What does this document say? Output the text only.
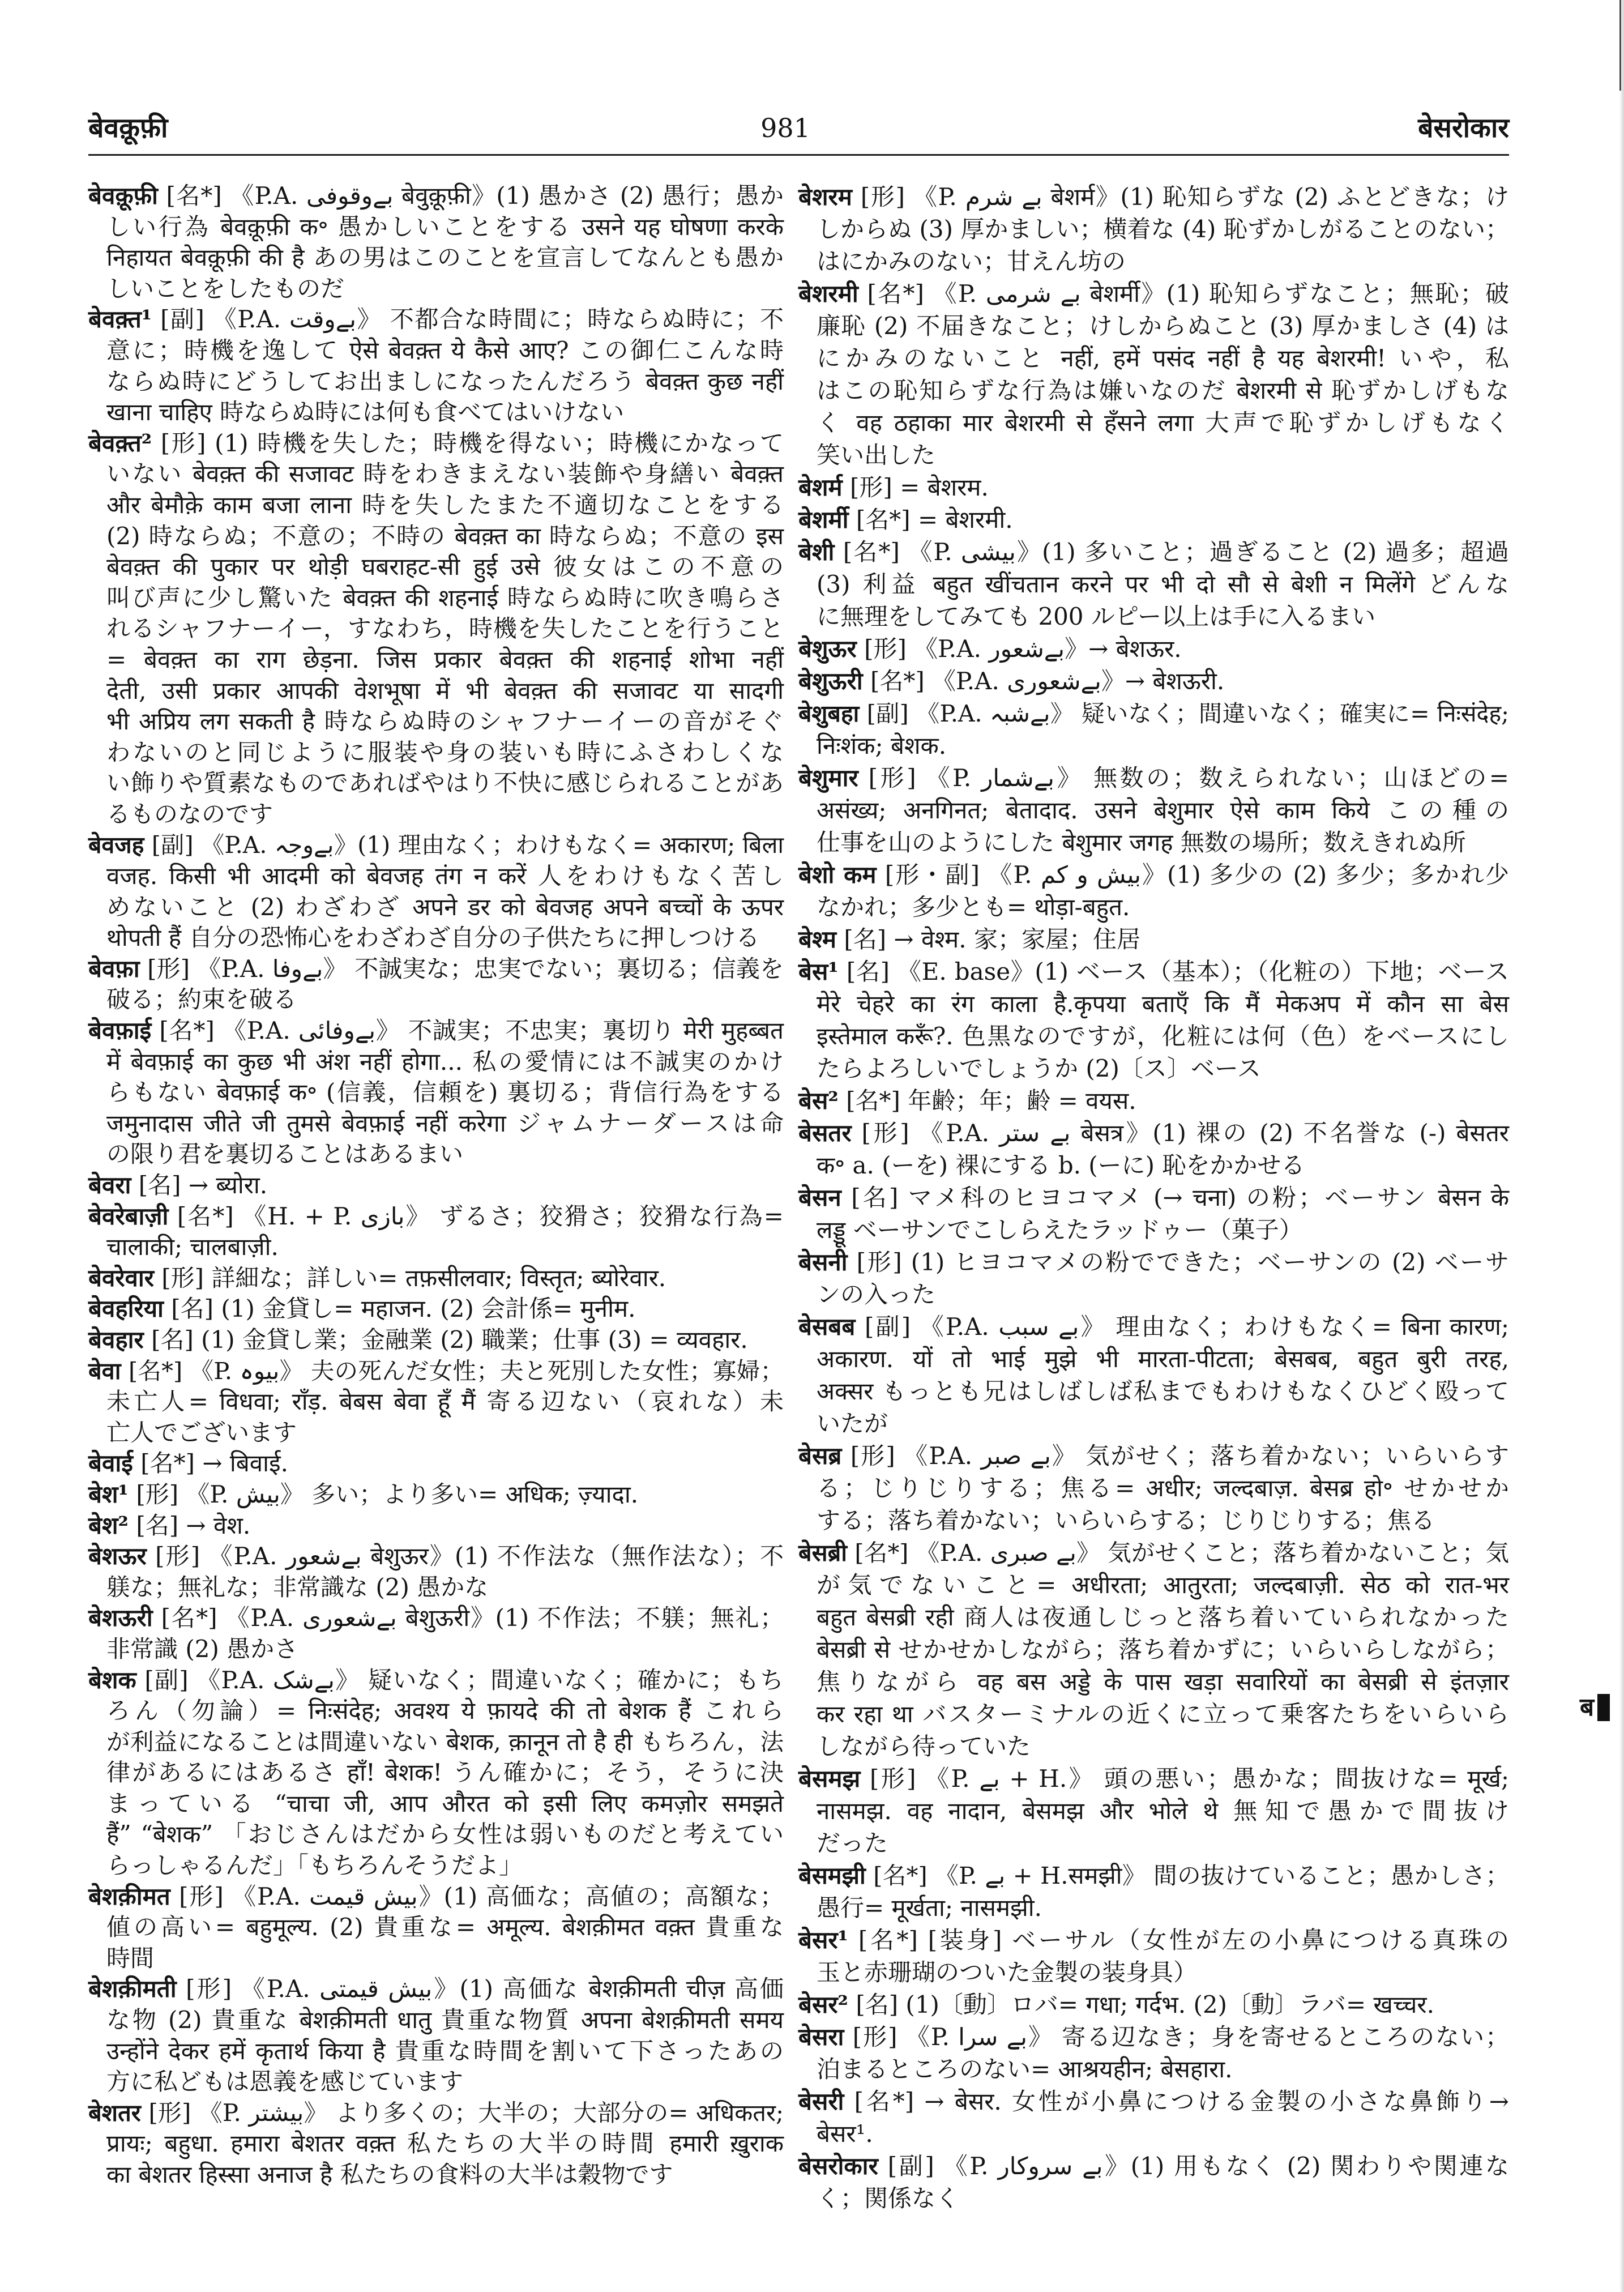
बेवक़ूफ़ी	981	बेसरोकार
बेवक़ूफ़ी [名*] 《P.A. بےوقوفی बेवुक़ूफ़ी》(1) 愚かさ (2) 愚行；愚か
しい行為 बेवक़ूफ़ी क॰ 愚かしいことをする उसने यह घोषणा करके
निहायत बेवक़ूफ़ी की है あの男はこのことを宣言してなんとも愚か
しいことをしたものだ
बेवक़्त¹ [副] 《P.A. بےوقت》 不都合な時間に；時ならぬ時に；不
意に；時機を逸して ऐसे बेवक़्त ये कैसे आए? この御仁こんな時
ならぬ時にどうしてお出ましになったんだろう बेवक़्त कुछ नहीं
खाना चाहिए 時ならぬ時には何も食べてはいけない
बेवक़्त² [形] (1) 時機を失した；時機を得ない；時機にかなって
いない बेवक़्त की सजावट 時をわきまえない装飾や身繕い बेवक़्त
और बेमौक़े काम बजा लाना 時を失したまた不適切なことをする
(2) 時ならぬ；不意の；不時の बेवक़्त का 時ならぬ；不意の इस
बेवक़्त की पुकार पर थोड़ी घबराहट-सी हुई उसे 彼女はこの不意の
叫び声に少し驚いた बेवक़्त की शहनाई 時ならぬ時に吹き鳴らさ
れるシャフナーイー，すなわち，時機を失したことを行うこと
= बेवक़्त का राग छेड़ना. जिस प्रकार बेवक़्त की शहनाई शोभा नहीं
देती, उसी प्रकार आपकी वेशभूषा में भी बेवक़्त की सजावट या सादगी
भी अप्रिय लग सकती है 時ならぬ時のシャフナーイーの音がそぐ
わないのと同じように服装や身の装いも時にふさわしくな
い飾りや質素なものであればやはり不快に感じられることがあ
るものなのです
बेवजह [副] 《P.A. بےوجہ》(1) 理由なく；わけもなく= अकारण; बिला
वजह. किसी भी आदमी को बेवजह तंग न करें 人をわけもなく苦し
めないこと (2) わざわざ अपने डर को बेवजह अपने बच्चों के ऊपर
थोपती हैं 自分の恐怖心をわざわざ自分の子供たちに押しつける
बेवफ़ा [形] 《P.A. بےوفا》 不誠実な；忠実でない；裏切る；信義を
破る；約束を破る
बेवफ़ाई [名*] 《P.A. بےوفائی》 不誠実；不忠実；裏切り मेरी मुहब्बत
में बेवफ़ाई का कुछ भी अंश नहीं होगा... 私の愛情には不誠実のかけ
らもない बेवफ़ाई क॰ (信義，信頼を) 裏切る；背信行為をする
जमुनादास जीते जी तुमसे बेवफ़ाई नहीं करेगा ジャムナーダースは命
の限り君を裏切ることはあるまい
बेवरा [名] → ब्योरा.
बेवरेबाज़ी [名*] 《H. + P. بازی》 ずるさ；狡猾さ；狡猾な行為=
चालाकी; चालबाज़ी.
बेवरेवार [形] 詳細な；詳しい= तफ़सीलवार; विस्तृत; ब्योरेवार.
बेवहरिया [名] (1) 金貸し= महाजन. (2) 会計係= मुनीम.
बेवहार [名] (1) 金貸し業；金融業 (2) 職業；仕事 (3) = व्यवहार.
बेवा [名*] 《P. بیوہ》 夫の死んだ女性；夫と死別した女性；寡婦；
未亡人= विधवा; राँड़. बेबस बेवा हूँ मैं 寄る辺ない（哀れな）未
亡人でございます
बेवाई [名*] → बिवाई.
बेश¹ [形] 《P. بیش》 多い；より多い= अधिक; ज़्यादा.
बेश² [名] → वेश.
बेशऊर [形] 《P.A. بےشعور बेशुऊर》(1) 不作法な（無作法な）；不
躾な；無礼な；非常識な (2) 愚かな
बेशऊरी [名*] 《P.A. بےشعوری बेशुऊरी》(1) 不作法；不躾；無礼；
非常識 (2) 愚かさ
बेशक [副] 《P.A. بےشک》 疑いなく；間違いなく；確かに；もち
ろん（勿論）= निःसंदेह; अवश्य ये फ़ायदे की तो बेशक हैं これら
が利益になることは間違いない बेशक, क़ानून तो है ही もちろん，法
律があるにはあるさ हाँ! बेशक! うん確かに；そう，そうに決
まっている “चाचा जी, आप औरत को इसी लिए कमज़ोर समझते
हैं” “बेशक” 「おじさんはだから女性は弱いものだと考えてい
らっしゃるんだ」「もちろんそうだよ」
बेशक़ीमत [形] 《P.A. بیش قیمت》(1) 高価な；高値の；高額な；
値の高い= बहुमूल्य. (2) 貴重な= अमूल्य. बेशक़ीमत वक़्त 貴重な
時間
बेशक़ीमती [形] 《P.A. بیش قیمتی》(1) 高価な बेशक़ीमती चीज़ 高価
な物 (2) 貴重な बेशक़ीमती धातु 貴重な物質 अपना बेशक़ीमती समय
उन्होंने देकर हमें कृतार्थ किया है 貴重な時間を割いて下さったあの
方に私どもは恩義を感じています
बेशतर [形] 《P. بیشتر》 より多くの；大半の；大部分の= अधिकतर;
प्रायः; बहुधा. हमारा बेशतर वक़्त 私たちの大半の時間 हमारी ख़ुराक
का बेशतर हिस्सा अनाज है 私たちの食料の大半は穀物です
बेशरम [形] 《P. بے شرم बेशर्म》(1) 恥知らずな (2) ふとどきな；け
しからぬ (3) 厚かましい；横着な (4) 恥ずかしがることのない；
はにかみのない；甘えん坊の
बेशरमी [名*] 《P. بے شرمی बेशर्मी》(1) 恥知らずなこと；無恥；破
廉恥 (2) 不届きなこと；けしからぬこと (3) 厚かましさ (4) は
にかみのないこと नहीं, हमें पसंद नहीं है यह बेशरमी! いや，私
はこの恥知らずな行為は嫌いなのだ बेशरमी से 恥ずかしげもな
く वह ठहाका मार बेशरमी से हँसने लगा 大声で恥ずかしげもなく
笑い出した
बेशर्म [形] = बेशरम.
बेशर्मी [名*] = बेशरमी.
बेशी [名*] 《P. بیشی》(1) 多いこと；過ぎること (2) 過多；超過
(3) 利益 बहुत खींचतान करने पर भी दो सौ से बेशी न मिलेंगे どんな
に無理をしてみても 200 ルピー以上は手に入るまい
बेशुऊर [形] 《P.A. بےشعور》→ बेशऊर.
बेशुऊरी [名*] 《P.A. بےشعوری》→ बेशऊरी.
बेशुबहा [副] 《P.A. بےشبہ》 疑いなく；間違いなく；確実に= निःसंदेह;
निःशंक; बेशक.
बेशुमार [形] 《P. بےشمار》 無数の；数えられない；山ほどの=
असंख्य; अनगिनत; बेतादाद. उसने बेशुमार ऐसे काम किये この種の
仕事を山のようにした बेशुमार जगह 無数の場所；数えきれぬ所
बेशो कम [形・副] 《P. بیش و کم》(1) 多少の (2) 多少；多かれ少
なかれ；多少とも= थोड़ा-बहुत.
बेश्म [名] → वेश्म. 家；家屋；住居
बेस¹ [名] 《E. base》(1) ベース（基本）；（化粧の）下地；ベース
मेरे चेहरे का रंग काला है.कृपया बताएँ कि मैं मेकअप में कौन सा बेस
इस्तेमाल करूँ?. 色黒なのですが，化粧には何（色）をベースにし
たらよろしいでしょうか (2)〔ス〕ベース
बेस² [名*] 年齢；年；齢 = वयस.
बेसतर [形] 《P.A. بے ستر बेसत्र》(1) 裸の (2) 不名誉な (-) बेसतर
क॰ a. (ーを) 裸にする b. (ーに) 恥をかかせる
बेसन [名] マメ科のヒヨコマメ (→ चना) の粉；ベーサン बेसन के
लड्डू ベーサンでこしらえたラッドゥー（菓子）
बेसनी [形] (1) ヒヨコマメの粉でできた；ベーサンの (2) ベーサ
ンの入った
बेसबब [副] 《P.A. بے سبب》 理由なく；わけもなく= बिना कारण;
अकारण. यों तो भाई मुझे भी मारता-पीटता; बेसबब, बहुत बुरी तरह,
अक्सर もっとも兄はしばしば私までもわけもなくひどく殴って
いたが
बेसब्र [形] 《P.A. بے صبر》 気がせく；落ち着かない；いらいらす
る；じりじりする；焦る= अधीर; जल्दबाज़. बेसब्र हो॰ せかせか
する；落ち着かない；いらいらする；じりじりする；焦る
बेसब्री [名*] 《P.A. بے صبری》 気がせくこと；落ち着かないこと；気
が気でないこと= अधीरता; आतुरता; जल्दबाज़ी. सेठ को रात-भर
बहुत बेसब्री रही 商人は夜通しじっと落ち着いていられなかった
बेसब्री से せかせかしながら；落ち着かずに；いらいらしながら；
焦りながら वह बस अड्डे के पास खड़ा सवारियों का बेसब्री से इंतज़ार
कर रहा था バスターミナルの近くに立って乗客たちをいらいら
しながら待っていた
बेसमझ [形] 《P. بے + H.》 頭の悪い；愚かな；間抜けな= मूर्ख;
नासमझ. वह नादान, बेसमझ और भोले थे 無知で愚かで間抜け
だった
बेसमझी [名*] 《P. بے + H.समझी》 間の抜けていること；愚かしさ；
愚行= मूर्खता; नासमझी.
बेसर¹ [名*] [装身] ベーサル（女性が左の小鼻につける真珠の
玉と赤珊瑚のついた金製の装身具）
बेसर² [名] (1)〔動〕ロバ= गधा; गर्दभ. (2)〔動〕ラバ= खच्चर.
बेसरा [形] 《P. بے سرا》 寄る辺なき；身を寄せるところのない；
泊まるところのない= आश्रयहीन; बेसहारा.
बेसरी [名*] → बेसर. 女性が小鼻につける金製の小さな鼻飾り→
बेसर¹.
बेसरोकार [副] 《P. بے سروکار》(1) 用もなく (2) 関わりや関連な
く；関係なく
ब
